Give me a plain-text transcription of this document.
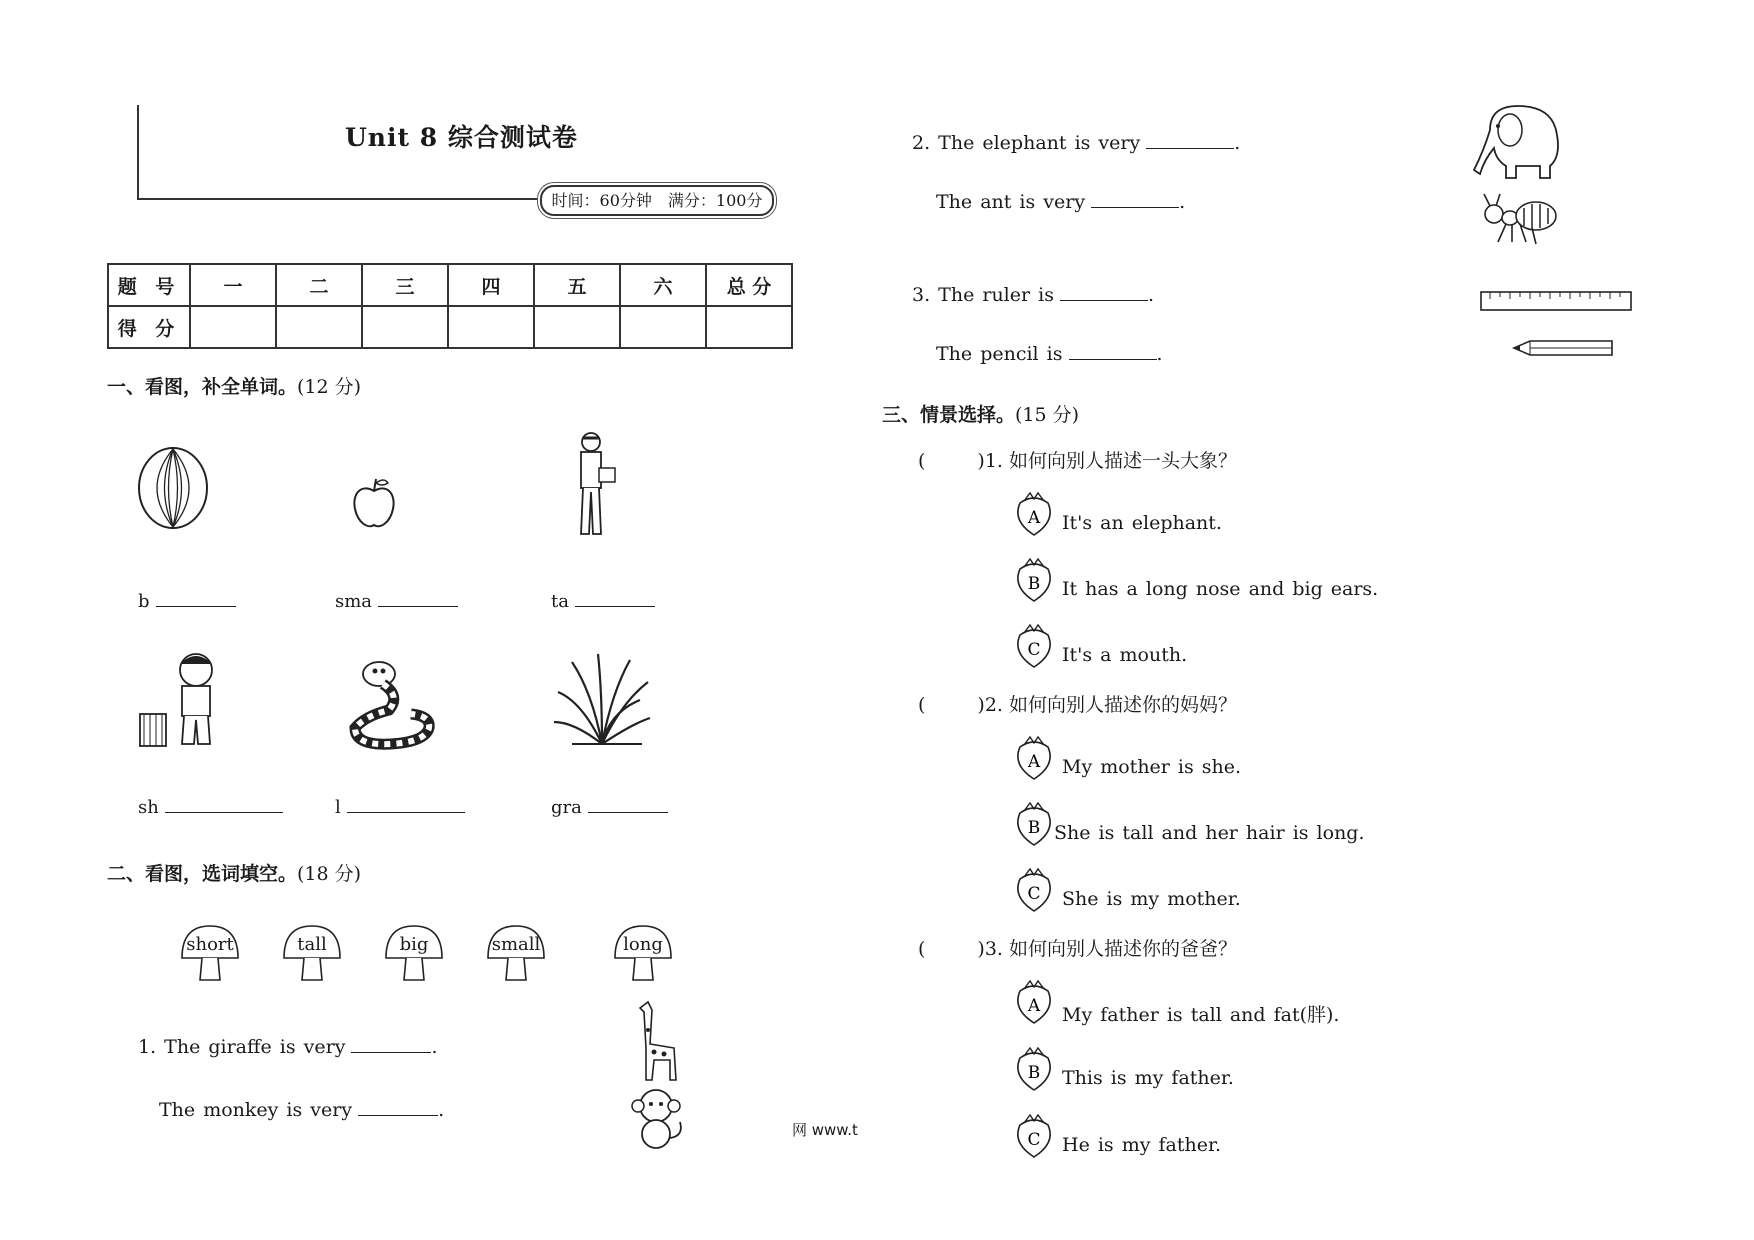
Unit 8 综合测试卷
时间：60分钟　满分：100分
题 号	一	二	三	四	五	六	总 分
得 分							
一、看图，补全单词。(12 分)
b	sma	ta
sh	l	gra
二、看图，选词填空。(18 分)
short	tall	big	small	long
1. The giraffe is very	.
The monkey is very	.
2. The elephant is very	.
The ant is very	.
3. The ruler is	.
The pencil is	.
三、情景选择。(15 分)
(	)1. 如何向别人描述一头大象？
A It's an elephant.
B It has a long nose and big ears.
C It's a mouth.
(	)2. 如何向别人描述你的妈妈？
A My mother is she.
B She is tall and her hair is long.
C She is my mother.
(	)3. 如何向别人描述你的爸爸？
A My father is tall and fat(胖).
B This is my father.
C He is my father.
网 www.t
